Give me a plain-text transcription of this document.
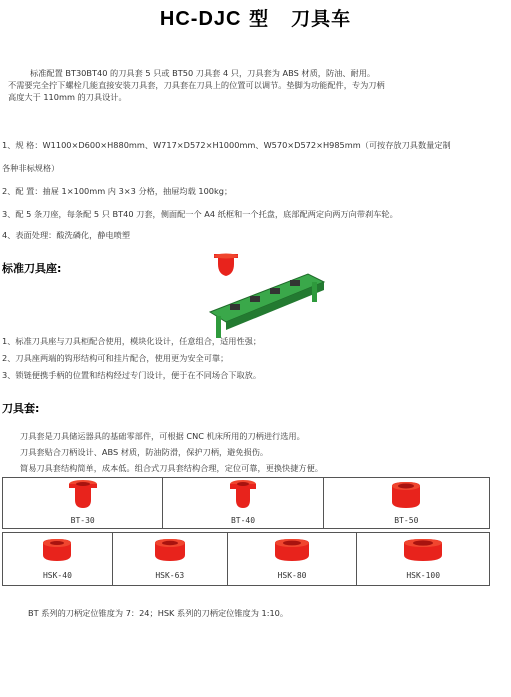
HC-DJC 型 刀具车

标准配置 BT30BT40 的刀具套 5 只或 BT50 刀具套 4 只，刀具套为 ABS 材质，防油、耐用。

不需要完全拧下螺栓几能直接安装刀具套，刀具套在刀具上的位置可以调节。垫脚为功能配件，专为刀柄

高度大于 110mm 的刀具设计。

1、规 格：W1100×D600×H880mm、W717×D572×H1000mm、W570×D572×H985mm（可按存放刀具数量定制
各种非标规格）
2、配 置：抽屉 1×100mm 内 3×3 分格，抽屉均载 100kg；
3、配 5 条刀座，每条配 5 只 BT40 刀套，侧面配一个 A4 纸框和一个托盘，底部配两定向两万向带刹车轮。
4、表面处理：酸洗磷化，静电喷塑
标准刀具座:
1、标准刀具座与刀具柜配合使用，模块化设计，任意组合，适用性强；
2、刀具座两端的钩形结构可和挂片配合，使用更为安全可靠；
3、锁链便携手柄的位置和结构经过专门设计，便于在不同场合下取放。
刀具套:
刀具套是刀具储运器具的基础零部件，可根据 CNC 机床所用的刀柄进行选用。
刀具套贴合刀柄设计、ABS 材质，防油防滑，保护刀柄，避免损伤。
简易刀具套结构简单，成本低。组合式刀具套结构合理，定位可靠，更换快捷方便。
BT-30	BT-40	BT-50
HSK-40	HSK-63	HSK-80	HSK-100
BT 系列的刀柄定位锥度为 7：24；HSK 系列的刀柄定位锥度为 1:10。
